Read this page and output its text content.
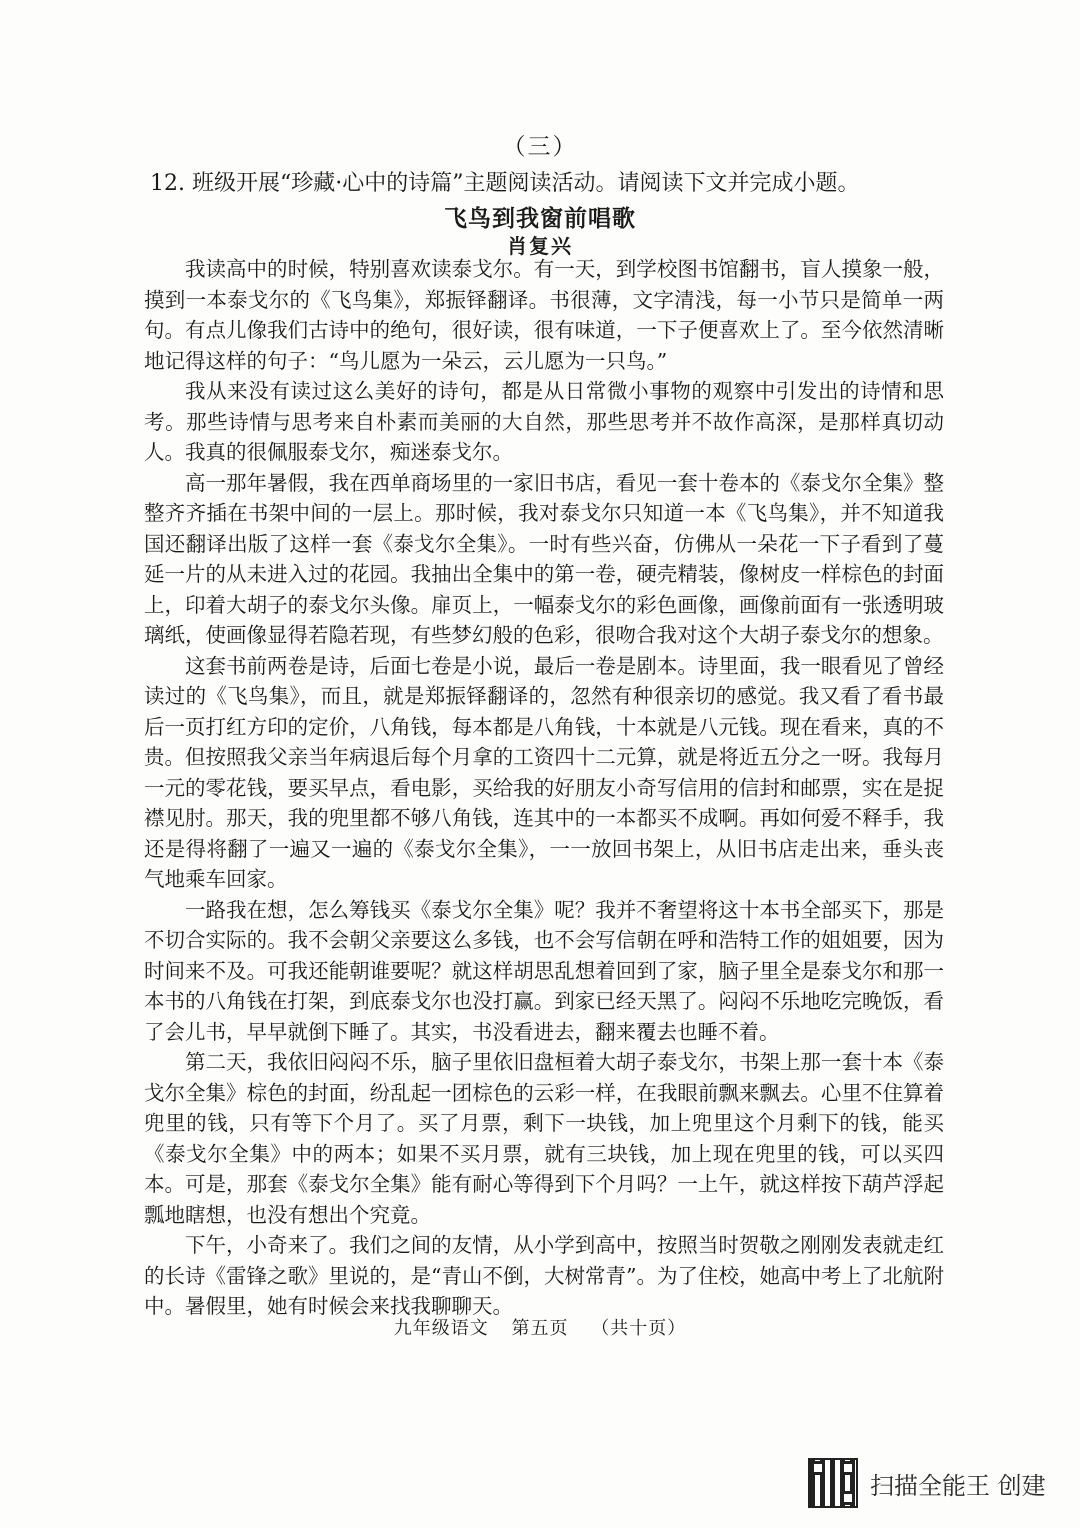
（三）
12. 班级开展“珍藏·心中的诗篇”主题阅读活动。请阅读下文并完成小题。
飞鸟到我窗前唱歌
肖复兴

我读高中的时候，特别喜欢读泰戈尔。有一天，到学校图书馆翻书，盲人摸象一般，摸到一本泰戈尔的《飞鸟集》，郑振铎翻译。书很薄，文字清浅，每一小节只是简单一两句。有点儿像我们古诗中的绝句，很好读，很有味道，一下子便喜欢上了。至今依然清晰地记得这样的句子：“鸟儿愿为一朵云，云儿愿为一只鸟。”

我从来没有读过这么美好的诗句，都是从日常微小事物的观察中引发出的诗情和思考。那些诗情与思考来自朴素而美丽的大自然，那些思考并不故作高深，是那样真切动人。我真的很佩服泰戈尔，痴迷泰戈尔。

高一那年暑假，我在西单商场里的一家旧书店，看见一套十卷本的《泰戈尔全集》整整齐齐插在书架中间的一层上。那时候，我对泰戈尔只知道一本《飞鸟集》，并不知道我国还翻译出版了这样一套《泰戈尔全集》。一时有些兴奋，仿佛从一朵花一下子看到了蔓延一片的从未进入过的花园。我抽出全集中的第一卷，硬壳精装，像树皮一样棕色的封面上，印着大胡子的泰戈尔头像。扉页上，一幅泰戈尔的彩色画像，画像前面有一张透明玻璃纸，使画像显得若隐若现，有些梦幻般的色彩，很吻合我对这个大胡子泰戈尔的想象。

这套书前两卷是诗，后面七卷是小说，最后一卷是剧本。诗里面，我一眼看见了曾经读过的《飞鸟集》，而且，就是郑振铎翻译的，忽然有种很亲切的感觉。我又看了看书最后一页打红方印的定价，八角钱，每本都是八角钱，十本就是八元钱。现在看来，真的不贵。但按照我父亲当年病退后每个月拿的工资四十二元算，就是将近五分之一呀。我每月一元的零花钱，要买早点，看电影，买给我的好朋友小奇写信用的信封和邮票，实在是捉襟见肘。那天，我的兜里都不够八角钱，连其中的一本都买不成啊。再如何爱不释手，我还是得将翻了一遍又一遍的《泰戈尔全集》，一一放回书架上，从旧书店走出来，垂头丧气地乘车回家。

一路我在想，怎么筹钱买《泰戈尔全集》呢？我并不奢望将这十本书全部买下，那是不切合实际的。我不会朝父亲要这么多钱，也不会写信朝在呼和浩特工作的姐姐要，因为时间来不及。可我还能朝谁要呢？就这样胡思乱想着回到了家，脑子里全是泰戈尔和那一本书的八角钱在打架，到底泰戈尔也没打赢。到家已经天黑了。闷闷不乐地吃完晚饭，看了会儿书，早早就倒下睡了。其实，书没看进去，翻来覆去也睡不着。

第二天，我依旧闷闷不乐，脑子里依旧盘桓着大胡子泰戈尔，书架上那一套十本《泰戈尔全集》棕色的封面，纷乱起一团棕色的云彩一样，在我眼前飘来飘去。心里不住算着兜里的钱，只有等下个月了。买了月票，剩下一块钱，加上兜里这个月剩下的钱，能买《泰戈尔全集》中的两本；如果不买月票，就有三块钱，加上现在兜里的钱，可以买四本。可是，那套《泰戈尔全集》能有耐心等得到下个月吗？一上午，就这样按下葫芦浮起瓢地瞎想，也没有想出个究竟。

下午，小奇来了。我们之间的友情，从小学到高中，按照当时贺敬之刚刚发表就走红的长诗《雷锋之歌》里说的，是“青山不倒，大树常青”。为了住校，她高中考上了北航附中。暑假里，她有时候会来找我聊聊天。

九年级语文 第五页 （共十页）
扫描全能王 创建
